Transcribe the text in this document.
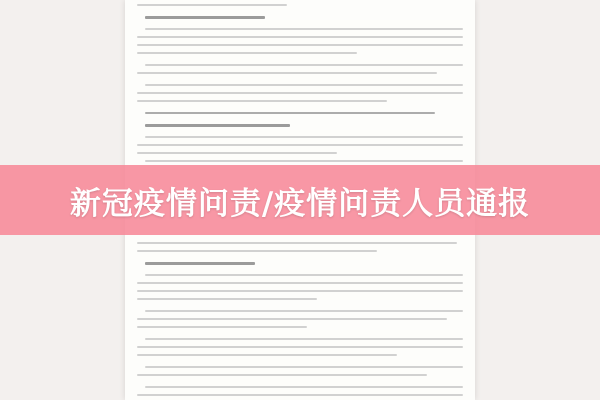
新冠疫情问责/疫情问责人员通报
